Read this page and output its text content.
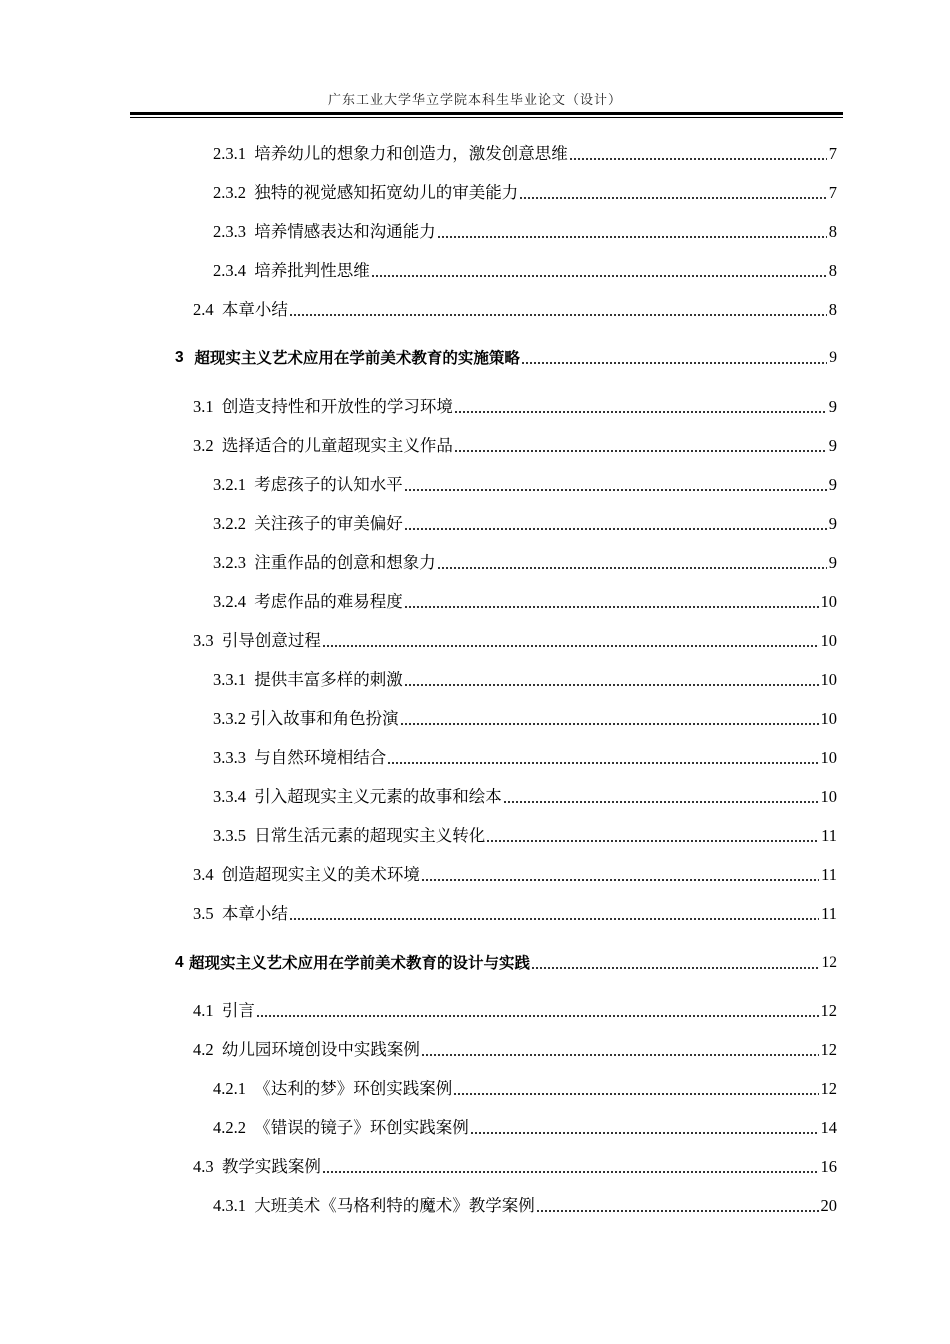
广东工业大学华立学院本科生毕业论文（设计）
2.3.1
培养幼儿的想象力和创造力，激发创意思维	7
2.3.2
独特的视觉感知拓宽幼儿的审美能力	7
2.3.3
培养情感表达和沟通能力	8
2.3.4
培养批判性思维	8
2.4
本章小结	8
3
超现实主义艺术应用在学前美术教育的实施策略	9
3.1
创造支持性和开放性的学习环境	9
3.2
选择适合的儿童超现实主义作品	9
3.2.1
考虑孩子的认知水平	9
3.2.2
关注孩子的审美偏好	9
3.2.3
注重作品的创意和想象力	9
3.2.4
考虑作品的难易程度	10
3.3
引导创意过程	10
3.3.1
提供丰富多样的刺激	10
3.3.2
引入故事和角色扮演	10
3.3.3
与自然环境相结合	10
3.3.4
引入超现实主义元素的故事和绘本	10
3.3.5
日常生活元素的超现实主义转化	11
3.4
创造超现实主义的美术环境	11
3.5
本章小结	11
4
超现实主义艺术应用在学前美术教育的设计与实践	12
4.1
引言	12
4.2
幼儿园环境创设中实践案例	12
4.2.1
《达利的梦》环创实践案例	12
4.2.2
《错误的镜子》环创实践案例	14
4.3
教学实践案例	16
4.3.1
大班美术《马格利特的魔术》教学案例	20
